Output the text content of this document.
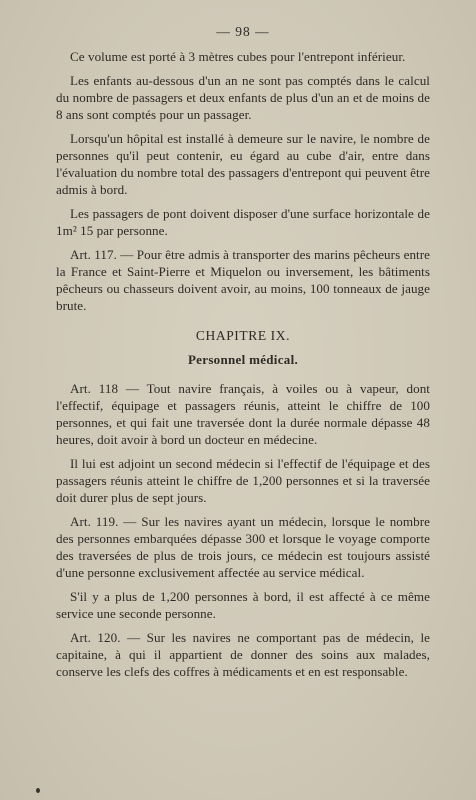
— 98 —

Ce volume est porté à 3 mètres cubes pour l'entrepont inférieur.

Les enfants au-dessous d'un an ne sont pas comptés dans le calcul du nombre de passagers et deux enfants de plus d'un an et de moins de 8 ans sont comptés pour un passager.

Lorsqu'un hôpital est installé à demeure sur le navire, le nombre de personnes qu'il peut contenir, eu égard au cube d'air, entre dans l'évaluation du nombre total des passagers d'entrepont qui peuvent être admis à bord.

Les passagers de pont doivent disposer d'une surface horizontale de 1m² 15 par personne.

Art. 117. — Pour être admis à transporter des marins pêcheurs entre la France et Saint-Pierre et Miquelon ou inversement, les bâtiments pêcheurs ou chasseurs doivent avoir, au moins, 100 tonneaux de jauge brute.

CHAPITRE IX.
Personnel médical.

Art. 118 — Tout navire français, à voiles ou à vapeur, dont l'effectif, équipage et passagers réunis, atteint le chiffre de 100 personnes, et qui fait une traversée dont la durée normale dépasse 48 heures, doit avoir à bord un docteur en médecine.

Il lui est adjoint un second médecin si l'effectif de l'équipage et des passagers réunis atteint le chiffre de 1,200 personnes et si la traversée doit durer plus de sept jours.

Art. 119. — Sur les navires ayant un médecin, lorsque le nombre des personnes embarquées dépasse 300 et lorsque le voyage comporte des traversées de plus de trois jours, ce médecin est toujours assisté d'une personne exclusivement affectée au service médical.

S'il y a plus de 1,200 personnes à bord, il est affecté à ce même service une seconde personne.

Art. 120. — Sur les navires ne comportant pas de médecin, le capitaine, à qui il appartient de donner des soins aux malades, conserve les clefs des coffres à médicaments et en est responsable.
